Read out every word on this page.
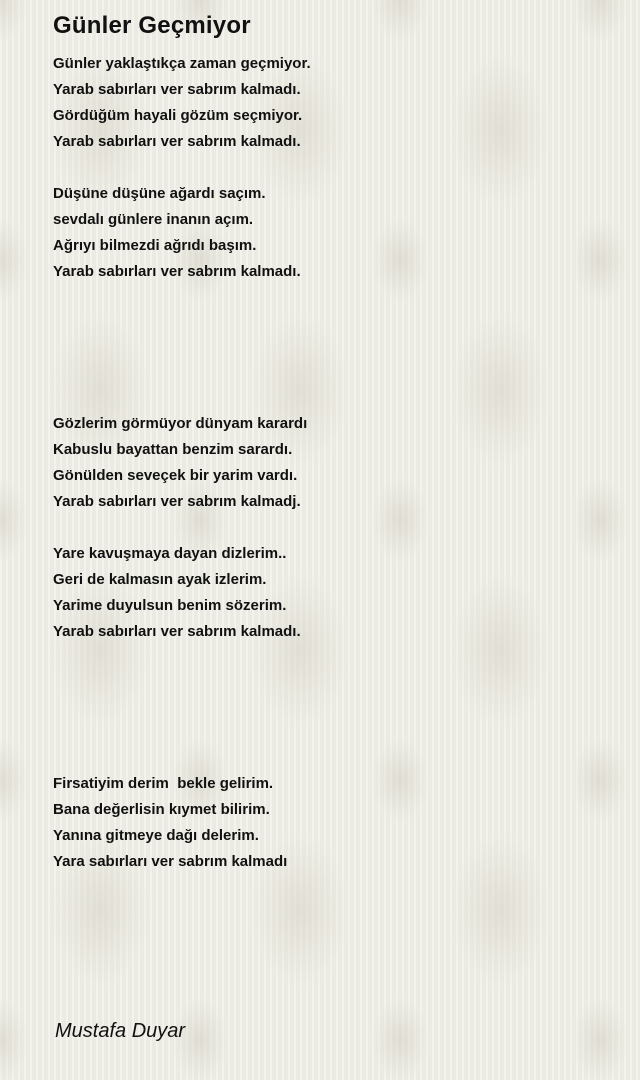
Günler Geçmiyor
Günler yaklaştıkça zaman geçmiyor.
Yarab sabırları ver sabrım kalmadı.
Gördüğüm hayali gözüm seçmiyor.
Yarab sabırları ver sabrım kalmadı.
Düşüne düşüne ağardı saçım.
sevdalı günlere inanın açım.
Ağrıyı bilmezdi ağrıdı başım.
Yarab sabırları ver sabrım kalmadı.
Gözlerim görmüyor dünyam karardı
Kabuslu bayattan benzim sarardı.
Gönülden seveçek bir yarim vardı.
Yarab sabırları ver sabrım kalmadj.
Yare kavuşmaya dayan dizlerim..
Geri de kalmasın ayak izlerim.
Yarime duyulsun benim sözerim.
Yarab sabırları ver sabrım kalmadı.
Firsatiyim derim  bekle gelirim.
Bana değerlisin kıymet bilirim.
Yanına gitmeye dağı delerim.
Yara sabırları ver sabrım kalmadı
Mustafa Duyar
